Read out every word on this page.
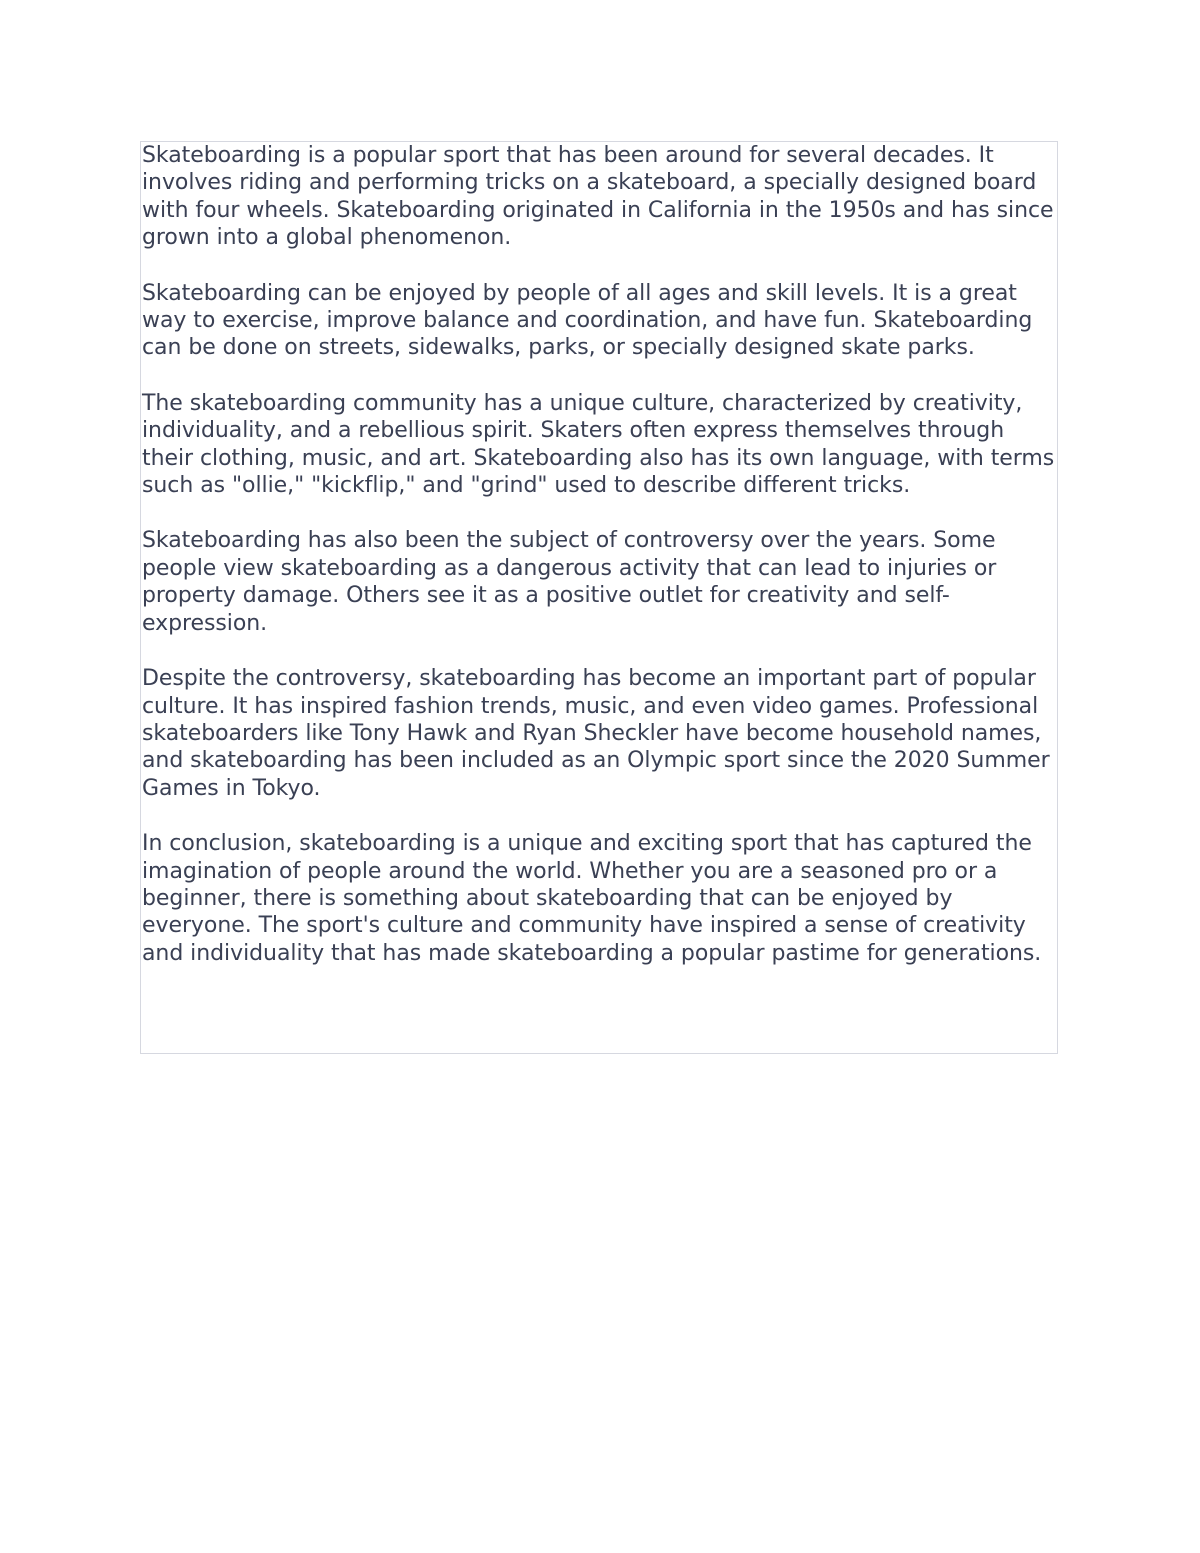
Skateboarding is a popular sport that has been around for several decades. It involves riding and performing tricks on a skateboard, a specially designed board with four wheels. Skateboarding originated in California in the 1950s and has since grown into a global phenomenon.

Skateboarding can be enjoyed by people of all ages and skill levels. It is a great way to exercise, improve balance and coordination, and have fun. Skateboarding can be done on streets, sidewalks, parks, or specially designed skate parks.

The skateboarding community has a unique culture, characterized by creativity, individuality, and a rebellious spirit. Skaters often express themselves through their clothing, music, and art. Skateboarding also has its own language, with terms such as "ollie," "kickflip," and "grind" used to describe different tricks.

Skateboarding has also been the subject of controversy over the years. Some people view skateboarding as a dangerous activity that can lead to injuries or property damage. Others see it as a positive outlet for creativity and self-expression.

Despite the controversy, skateboarding has become an important part of popular culture. It has inspired fashion trends, music, and even video games. Professional skateboarders like Tony Hawk and Ryan Sheckler have become household names, and skateboarding has been included as an Olympic sport since the 2020 Summer Games in Tokyo.

In conclusion, skateboarding is a unique and exciting sport that has captured the imagination of people around the world. Whether you are a seasoned pro or a beginner, there is something about skateboarding that can be enjoyed by everyone. The sport's culture and community have inspired a sense of creativity and individuality that has made skateboarding a popular pastime for generations.
